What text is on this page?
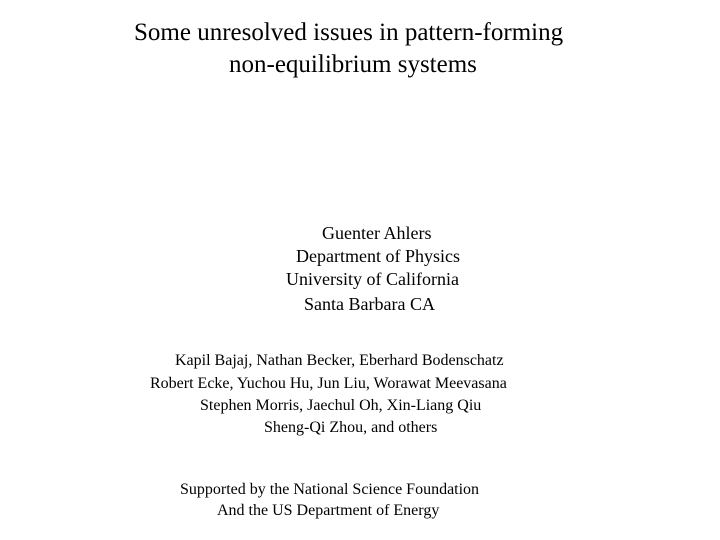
Some unresolved issues in pattern-forming

non-equilibrium systems

Guenter Ahlers

Department of Physics

University of California

Santa Barbara CA

Kapil Bajaj, Nathan Becker, Eberhard Bodenschatz

Robert Ecke, Yuchou Hu, Jun Liu, Worawat Meevasana

Stephen Morris, Jaechul Oh, Xin-Liang Qiu

Sheng-Qi Zhou, and others

Supported by the National Science Foundation

And the US Department of Energy
